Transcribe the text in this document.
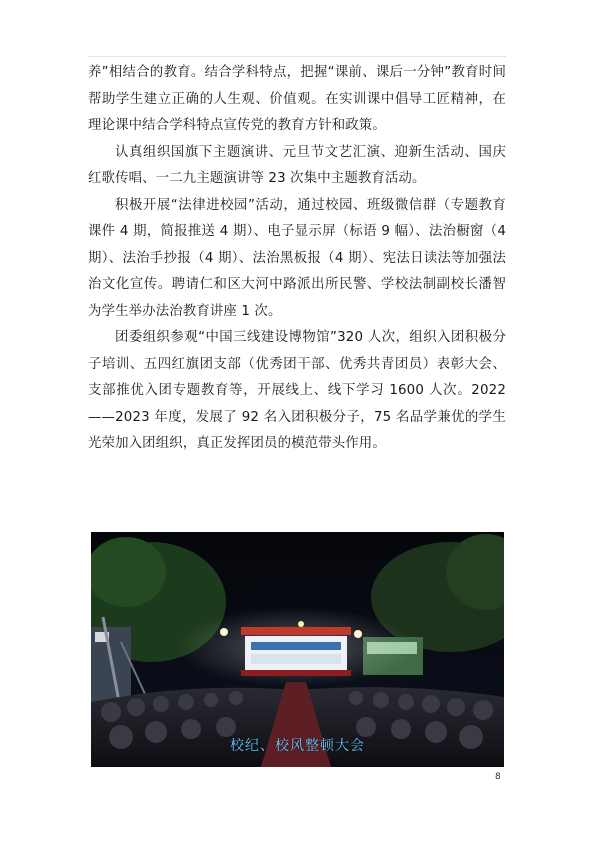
养”相结合的教育。结合学科特点，把握“课前、课后一分钟”教育时间帮助学生建立正确的人生观、价值观。在实训课中倡导工匠精神，在理论课中结合学科特点宣传党的教育方针和政策。

认真组织国旗下主题演讲、元旦节文艺汇演、迎新生活动、国庆红歌传唱、一二九主题演讲等 23 次集中主题教育活动。

积极开展“法律进校园”活动，通过校园、班级微信群（专题教育课件 4 期，简报推送 4 期）、电子显示屏（标语 9 幅）、法治橱窗（4期）、法治手抄报（4 期）、法治黑板报（4 期）、宪法日读法等加强法治文化宣传。聘请仁和区大河中路派出所民警、学校法制副校长潘智为学生举办法治教育讲座 1 次。

团委组织参观“中国三线建设博物馆”320 人次，组织入团积极分子培训、五四红旗团支部（优秀团干部、优秀共青团员）表彰大会、支部推优入团专题教育等，开展线上、线下学习 1600 人次。2022——2023 年度，发展了 92 名入团积极分子，75 名品学兼优的学生光荣加入团组织，真正发挥团员的模范带头作用。

校纪、校风整顿大会
8
